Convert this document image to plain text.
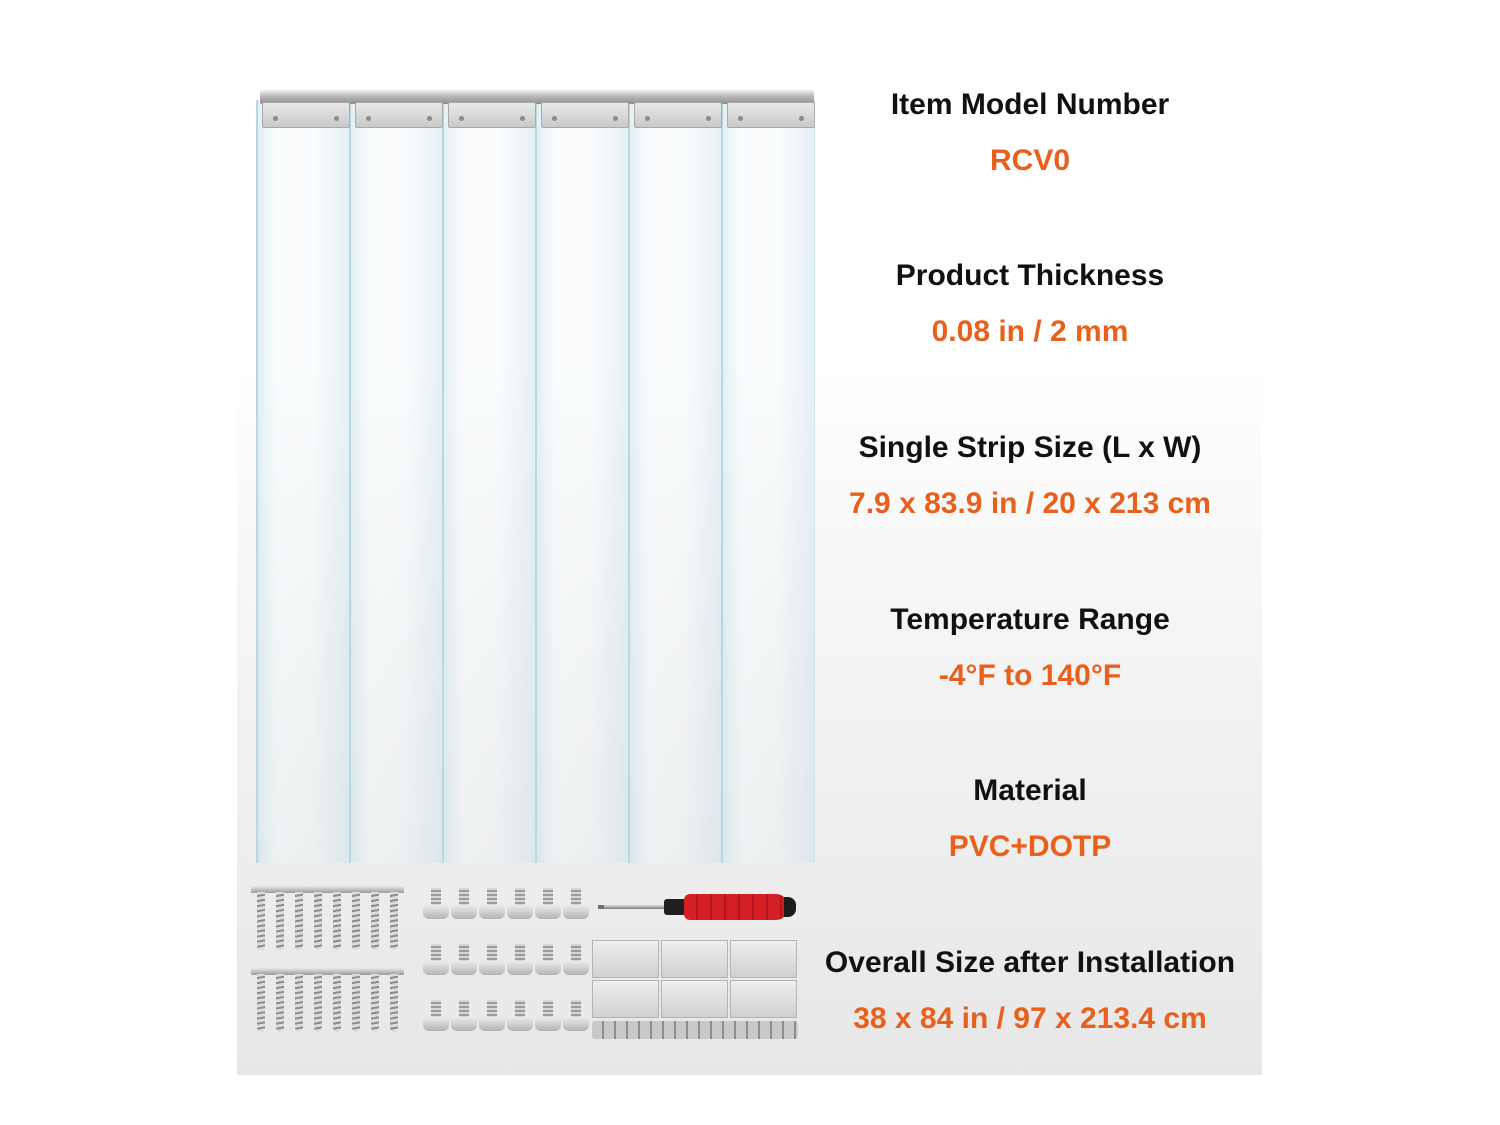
Item Model Number
RCV0
Product Thickness
0.08 in / 2 mm
Single Strip Size (L x W)
7.9 x 83.9 in / 20 x 213 cm
Temperature Range
-4°F to 140°F
Material
PVC+DOTP
Overall Size after Installation
38 x 84 in / 97 x 213.4 cm
